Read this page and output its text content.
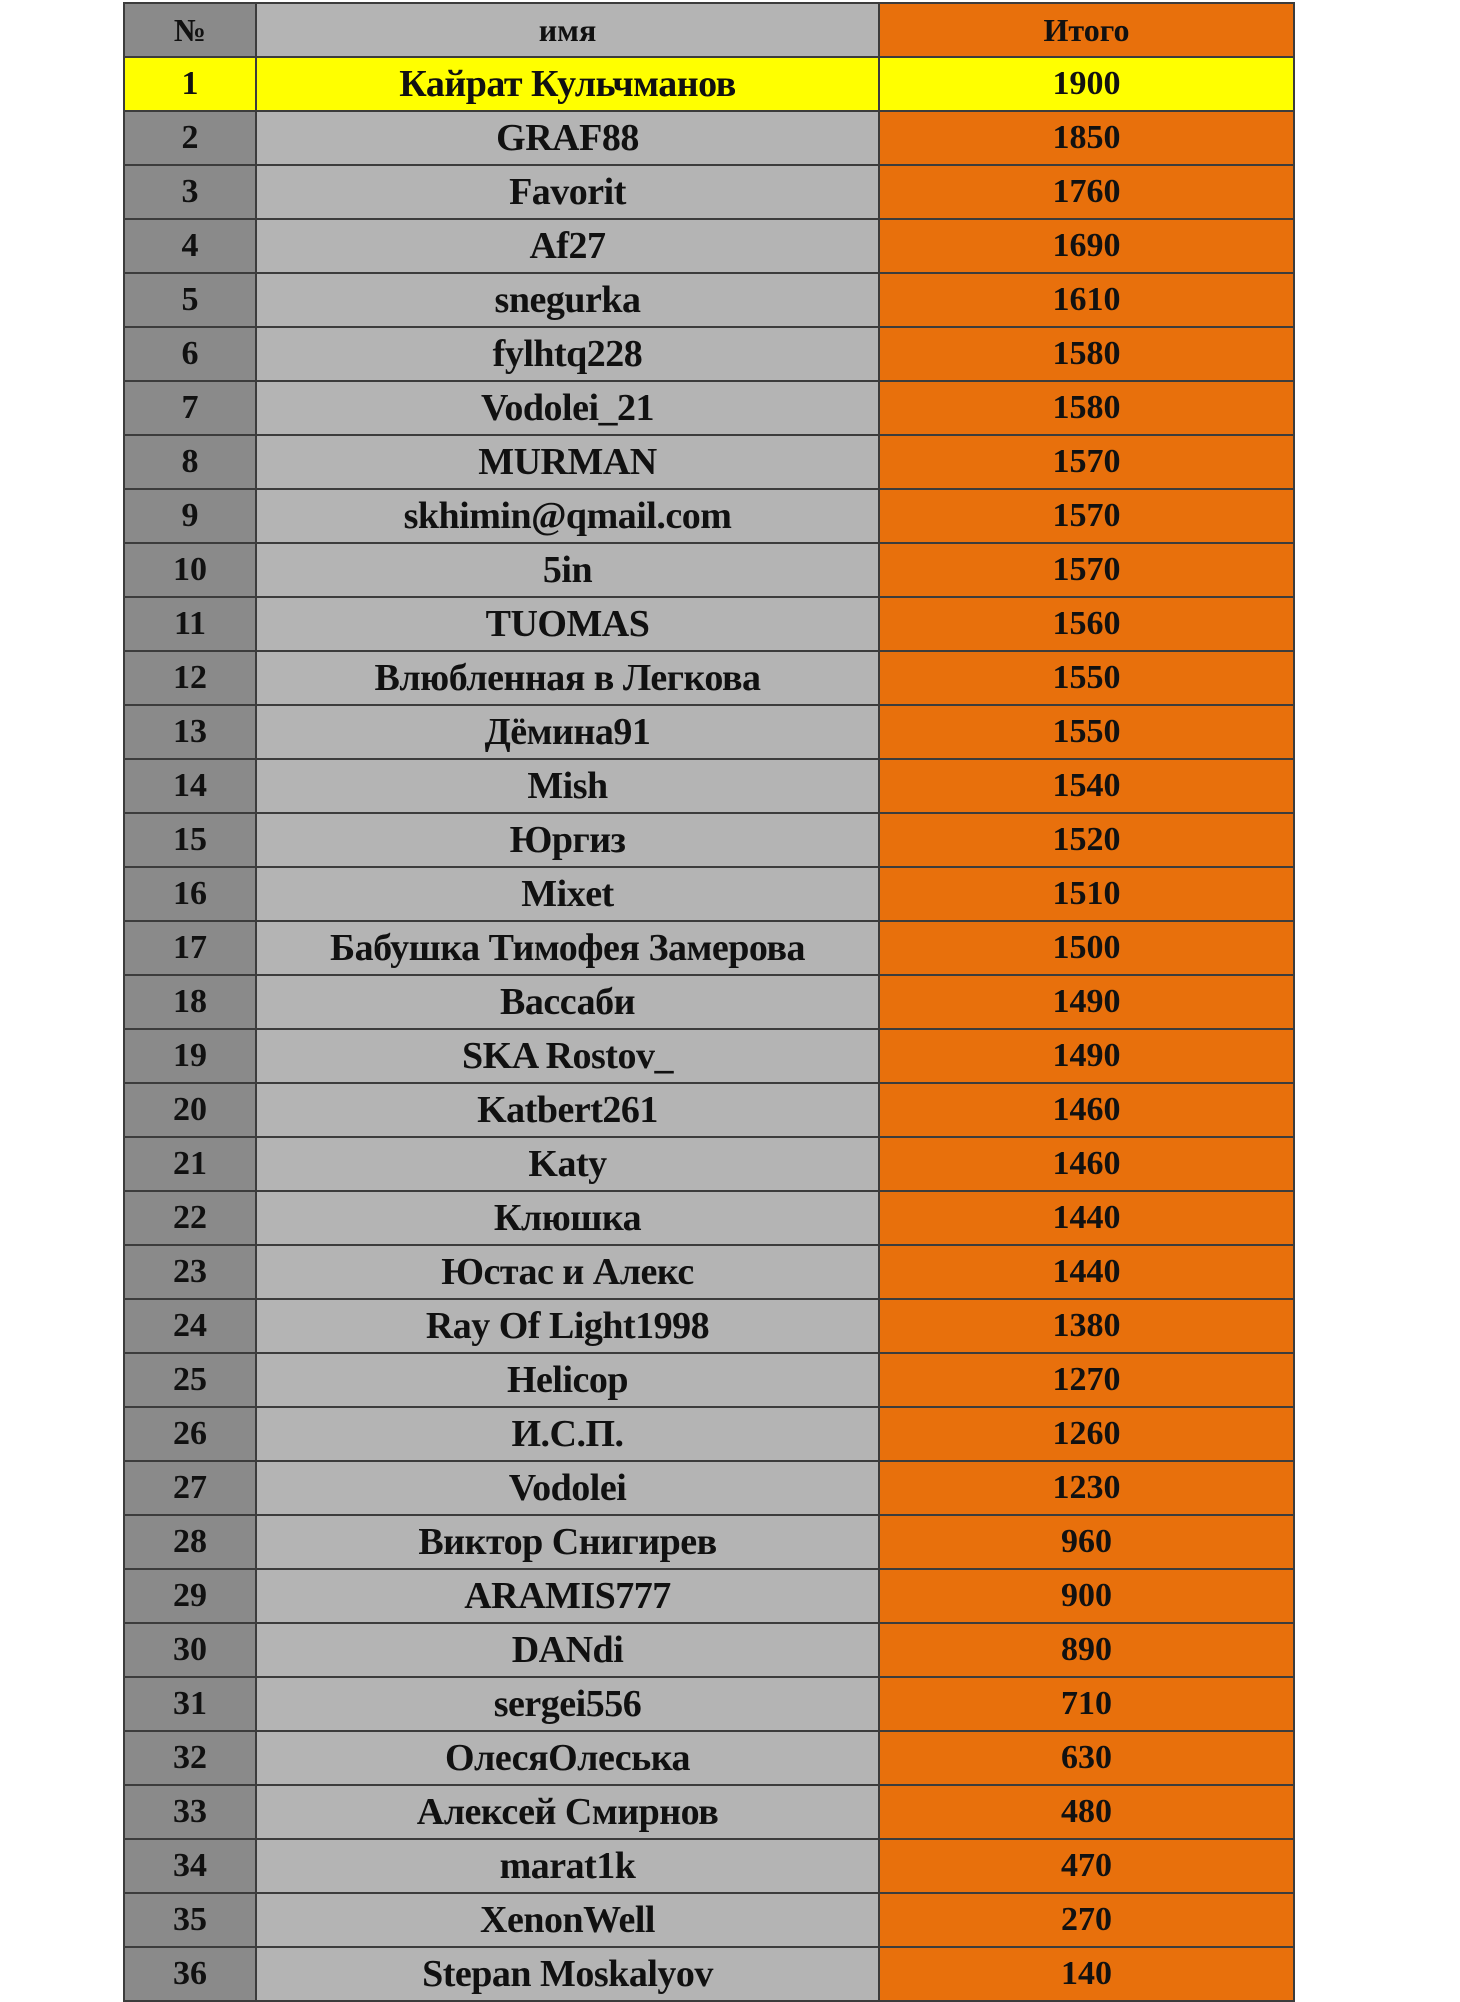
№	имя	Итого
1	Кайрат Кульчманов	1900
2	GRAF88	1850
3	Favorit	1760
4	Af27	1690
5	snegurka	1610
6	fylhtq228	1580
7	Vodolei_21	1580
8	MURMAN	1570
9	skhimin@qmail.com	1570
10	5in	1570
11	TUOMAS	1560
12	Влюбленная в Легкова	1550
13	Дёмина91	1550
14	Mish	1540
15	Юргиз	1520
16	Mixet	1510
17	Бабушка Тимофея Замерова	1500
18	Вассаби	1490
19	SKA Rostov_	1490
20	Katbert261	1460
21	Katy	1460
22	Клюшка	1440
23	Юстас и Алекс	1440
24	Ray Of Light1998	1380
25	Helicop	1270
26	И.С.П.	1260
27	Vodolei	1230
28	Виктор Снигирев	960
29	ARAMIS777	900
30	DANdi	890
31	sergei556	710
32	ОлесяОлеська	630
33	Алексей Смирнов	480
34	marat1k	470
35	XenonWell	270
36	Stepan Moskalyov	140
